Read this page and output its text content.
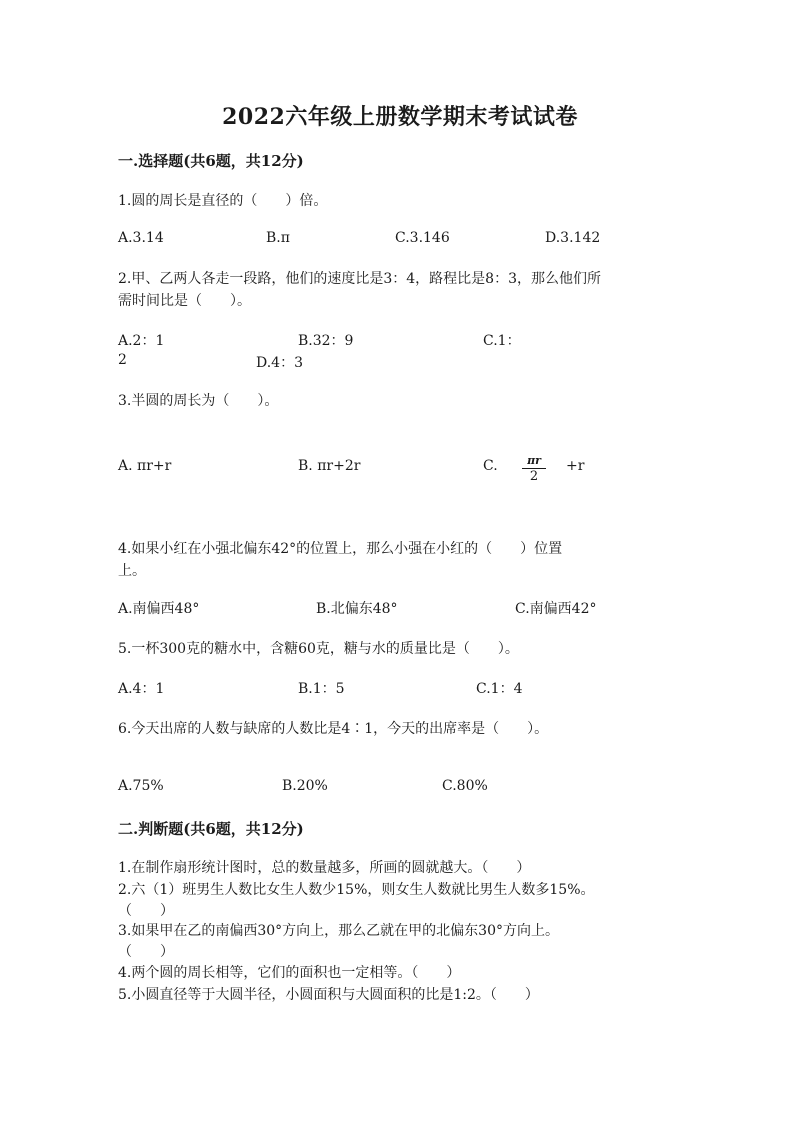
2022六年级上册数学期末考试试卷
一.选择题(共6题，共12分)
1.圆的周长是直径的（　　）倍。
A.3.14	B.π	C.3.146	D.3.142
2.甲、乙两人各走一段路，他们的速度比是3：4，路程比是8：3，那么他们所
需时间比是（　　）。
A.2：1	B.32：9	C.1：
2	D.4：3
3.半圆的周长为（　　）。
A. πr+r	B. πr+2r	C.	πr
2
+r
4.如果小红在小强北偏东42°的位置上，那么小强在小红的（　　）位置
上。
A.南偏西48°	B.北偏东48°	C.南偏西42°
5.一杯300克的糖水中，含糖60克，糖与水的质量比是（　　）。
A.4：1	B.1：5	C.1：4
6.今天出席的人数与缺席的人数比是4∶1，今天的出席率是（　　）。
A.75%	B.20%	C.80%
二.判断题(共6题，共12分)
1.在制作扇形统计图时，总的数量越多，所画的圆就越大。（　　）
2.六（1）班男生人数比女生人数少15%，则女生人数就比男生人数多15%。
（　　）
3.如果甲在乙的南偏西30°方向上，那么乙就在甲的北偏东30°方向上。
（　　）
4.两个圆的周长相等，它们的面积也一定相等。（　　）
5.小圆直径等于大圆半径，小圆面积与大圆面积的比是1:2。（　　）
